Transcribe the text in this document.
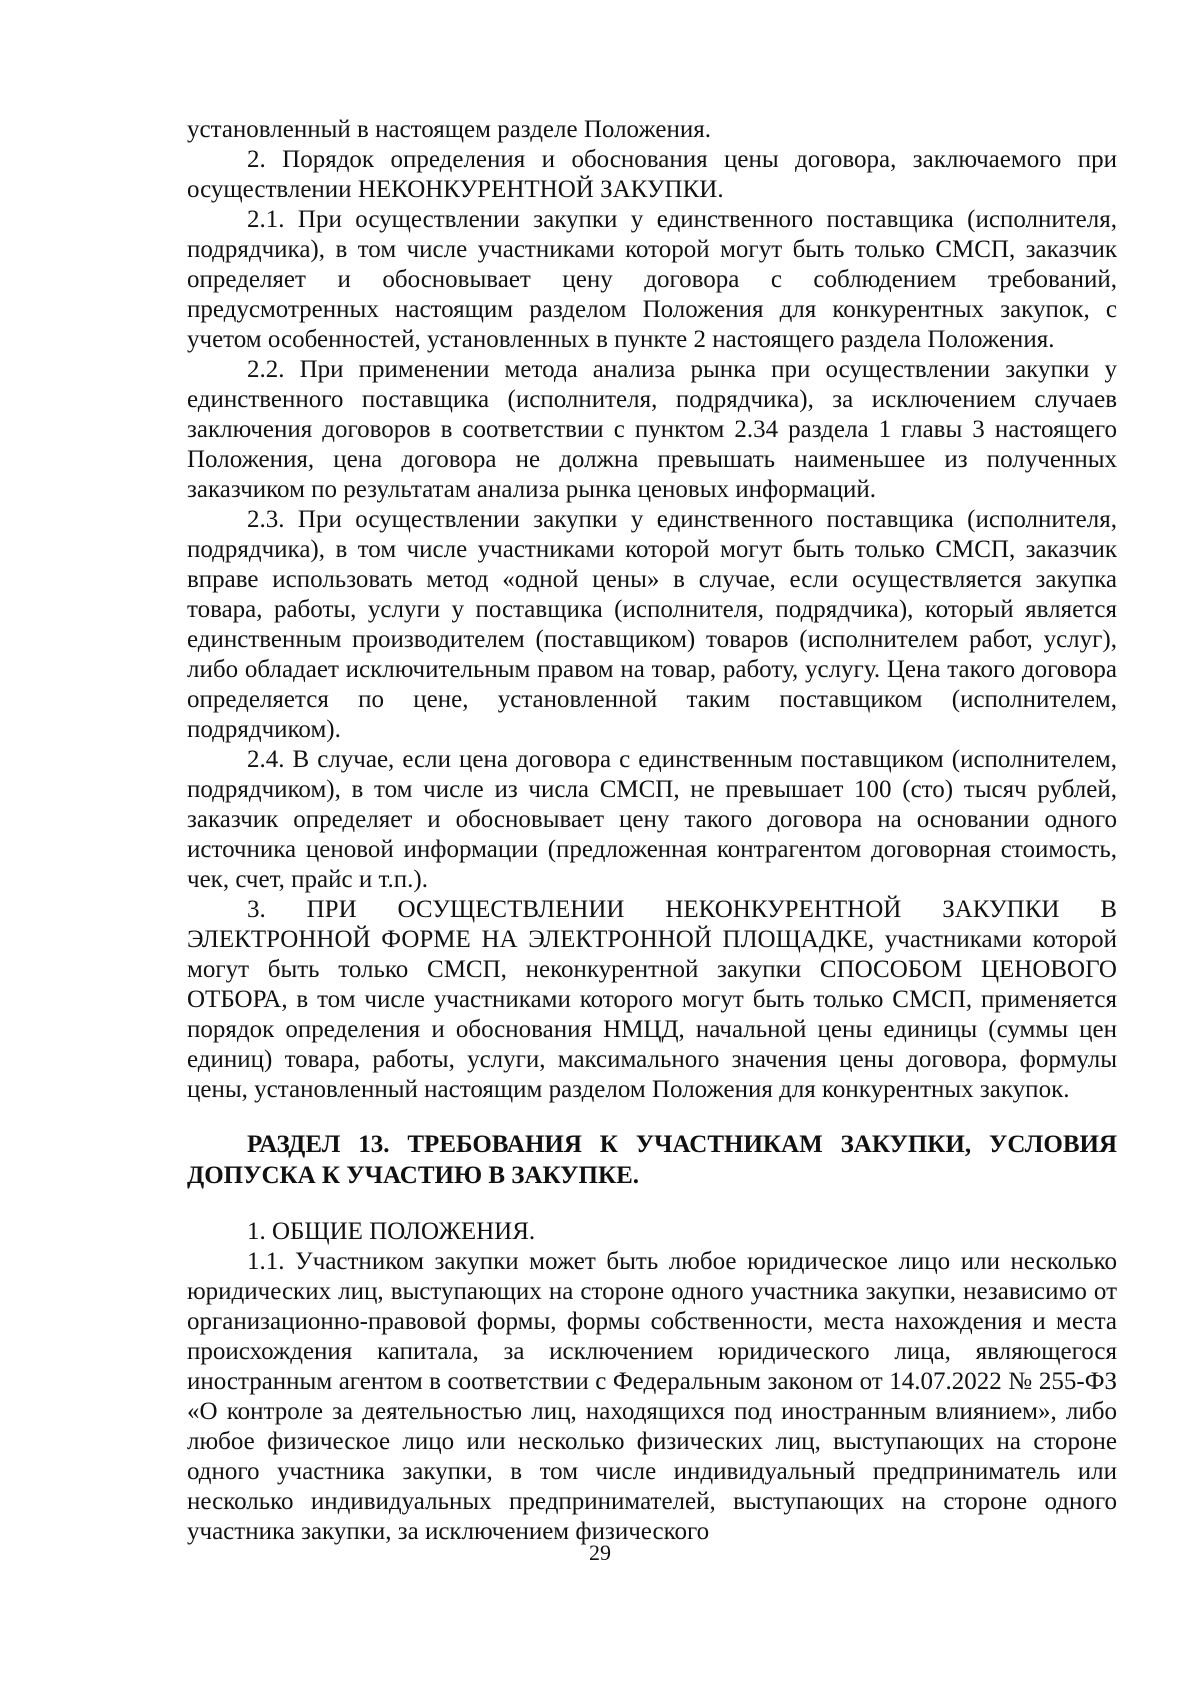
установленный в настоящем разделе Положения.

2. Порядок определения и обоснования цены договора, заключаемого при осуществлении НЕКОНКУРЕНТНОЙ ЗАКУПКИ.

2.1. При осуществлении закупки у единственного поставщика (исполнителя, подрядчика), в том числе участниками которой могут быть только СМСП, заказчик определяет и обосновывает цену договора с соблюдением требований, предусмотренных настоящим разделом Положения для конкурентных закупок, с учетом особенностей, установленных в пункте 2 настоящего раздела Положения.

2.2. При применении метода анализа рынка при осуществлении закупки у единственного поставщика (исполнителя, подрядчика), за исключением случаев заключения договоров в соответствии с пунктом 2.34 раздела 1 главы 3 настоящего Положения, цена договора не должна превышать наименьшее из полученных заказчиком по результатам анализа рынка ценовых информаций.

2.3. При осуществлении закупки у единственного поставщика (исполнителя, подрядчика), в том числе участниками которой могут быть только СМСП, заказчик вправе использовать метод «одной цены» в случае, если осуществляется закупка товара, работы, услуги у поставщика (исполнителя, подрядчика), который является единственным производителем (поставщиком) товаров (исполнителем работ, услуг), либо обладает исключительным правом на товар, работу, услугу. Цена такого договора определяется по цене, установленной таким поставщиком (исполнителем, подрядчиком).

2.4. В случае, если цена договора с единственным поставщиком (исполнителем, подрядчиком), в том числе из числа СМСП, не превышает 100 (сто) тысяч рублей, заказчик определяет и обосновывает цену такого договора на основании одного источника ценовой информации (предложенная контрагентом договорная стоимость, чек, счет, прайс и т.п.).

3. ПРИ ОСУЩЕСТВЛЕНИИ НЕКОНКУРЕНТНОЙ ЗАКУПКИ В ЭЛЕКТРОННОЙ ФОРМЕ НА ЭЛЕКТРОННОЙ ПЛОЩАДКЕ, участниками которой могут быть только СМСП, неконкурентной закупки СПОСОБОМ ЦЕНОВОГО ОТБОРА, в том числе участниками которого могут быть только СМСП, применяется порядок определения и обоснования НМЦД, начальной цены единицы (суммы цен единиц) товара, работы, услуги, максимального значения цены договора, формулы цены, установленный настоящим разделом Положения для конкурентных закупок.

РАЗДЕЛ 13. ТРЕБОВАНИЯ К УЧАСТНИКАМ ЗАКУПКИ, УСЛОВИЯ ДОПУСКА К УЧАСТИЮ В ЗАКУПКЕ.

1. ОБЩИЕ ПОЛОЖЕНИЯ.

1.1. Участником закупки может быть любое юридическое лицо или несколько юридических лиц, выступающих на стороне одного участника закупки, независимо от организационно-правовой формы, формы собственности, места нахождения и места происхождения капитала, за исключением юридического лица, являющегося иностранным агентом в соответствии с Федеральным законом от 14.07.2022 № 255-ФЗ «О контроле за деятельностью лиц, находящихся под иностранным влиянием», либо любое физическое лицо или несколько физических лиц, выступающих на стороне одного участника закупки, в том числе индивидуальный предприниматель или несколько индивидуальных предпринимателей, выступающих на стороне одного участника закупки, за исключением физического

29
